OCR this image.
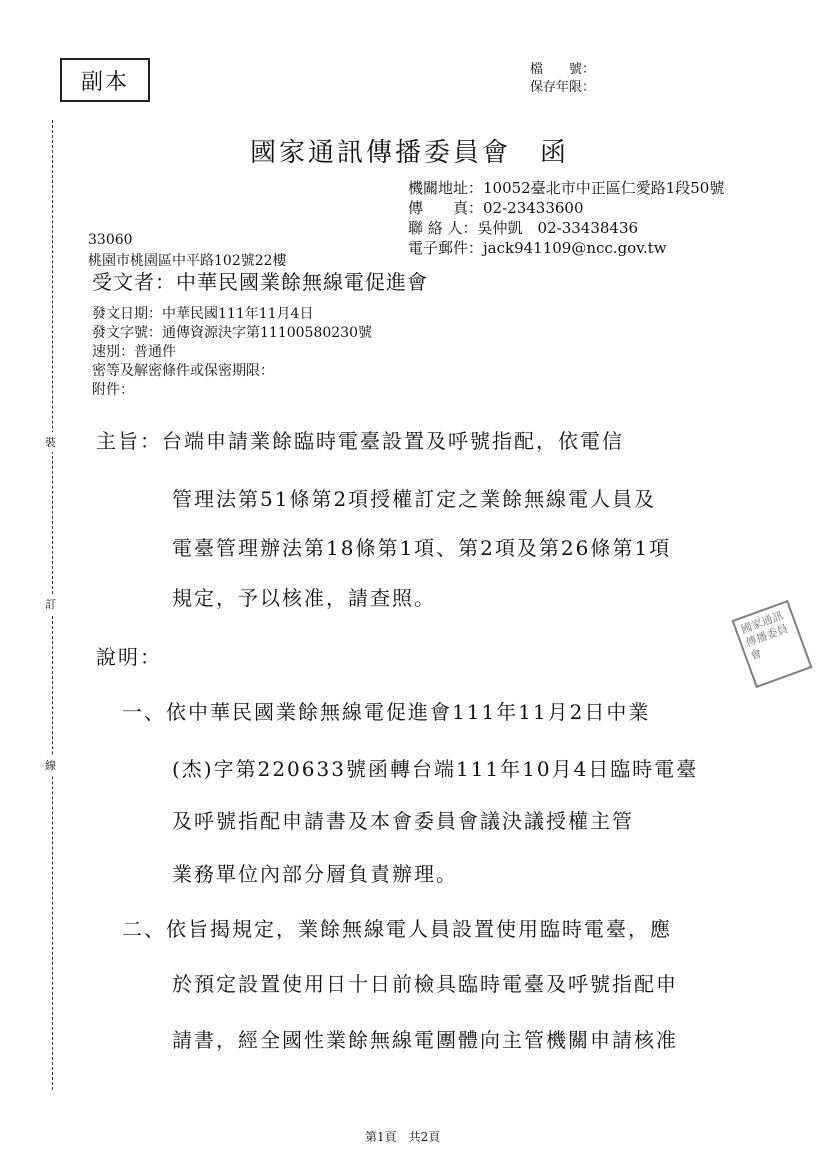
副本	檔　　號：
保存年限：
裝
訂
線
國家通訊傳播委員會　函
機關地址：10052臺北市中正區仁愛路1段50號
傳　　真：02-23433600
聯 絡 人：吳仲凱　02-33438436
電子郵件：jack941109@ncc.gov.tw
33060
桃園市桃園區中平路102號22樓
受文者：中華民國業餘無線電促進會
發文日期：中華民國111年11月4日
發文字號：通傳資源決字第11100580230號
速別：普通件
密等及解密條件或保密期限：
附件：
主旨：台端申請業餘臨時電臺設置及呼號指配，依電信
管理法第51條第2項授權訂定之業餘無線電人員及
電臺管理辦法第18條第1項、第2項及第26條第1項
規定，予以核准，請查照。
國家通訊傳播委員會
說明：
一、依中華民國業餘無線電促進會111年11月2日中業
(杰)字第220633號函轉台端111年10月4日臨時電臺
及呼號指配申請書及本會委員會議決議授權主管
業務單位內部分層負責辦理。
二、依旨揭規定，業餘無線電人員設置使用臨時電臺，應
於預定設置使用日十日前檢具臨時電臺及呼號指配申
請書，經全國性業餘無線電團體向主管機關申請核准
第1頁　共2頁
